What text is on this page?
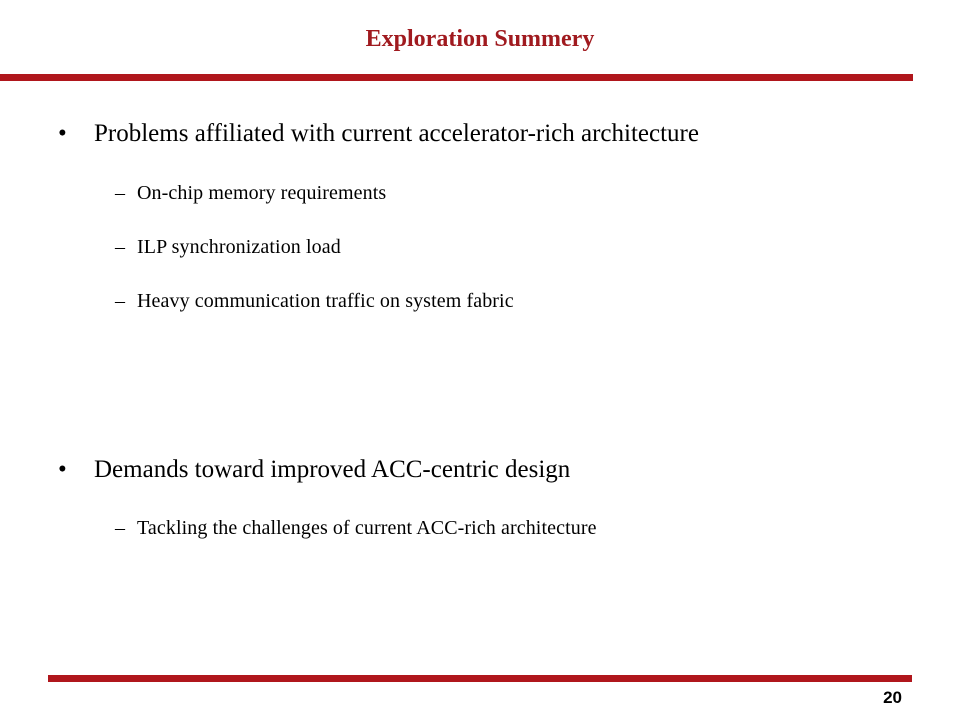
Exploration Summery
• Problems affiliated with current accelerator-rich architecture
– On-chip memory requirements
– ILP synchronization load
– Heavy communication traffic on system fabric
• Demands toward improved ACC-centric design
– Tackling the challenges of current ACC-rich architecture
20
